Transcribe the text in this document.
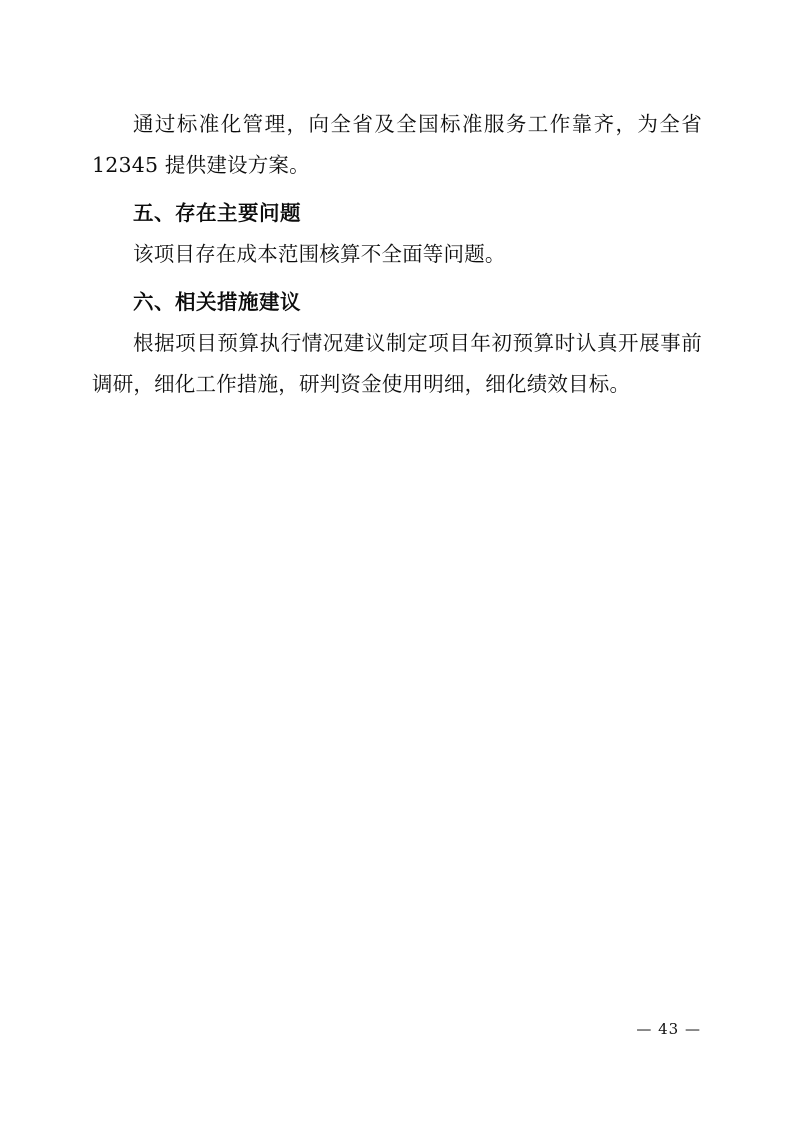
通过标准化管理，向全省及全国标准服务工作靠齐，为全省 12345 提供建设方案。

五、存在主要问题

该项目存在成本范围核算不全面等问题。

六、相关措施建议

根据项目预算执行情况建议制定项目年初预算时认真开展事前调研，细化工作措施，研判资金使用明细，细化绩效目标。

— 43 —
